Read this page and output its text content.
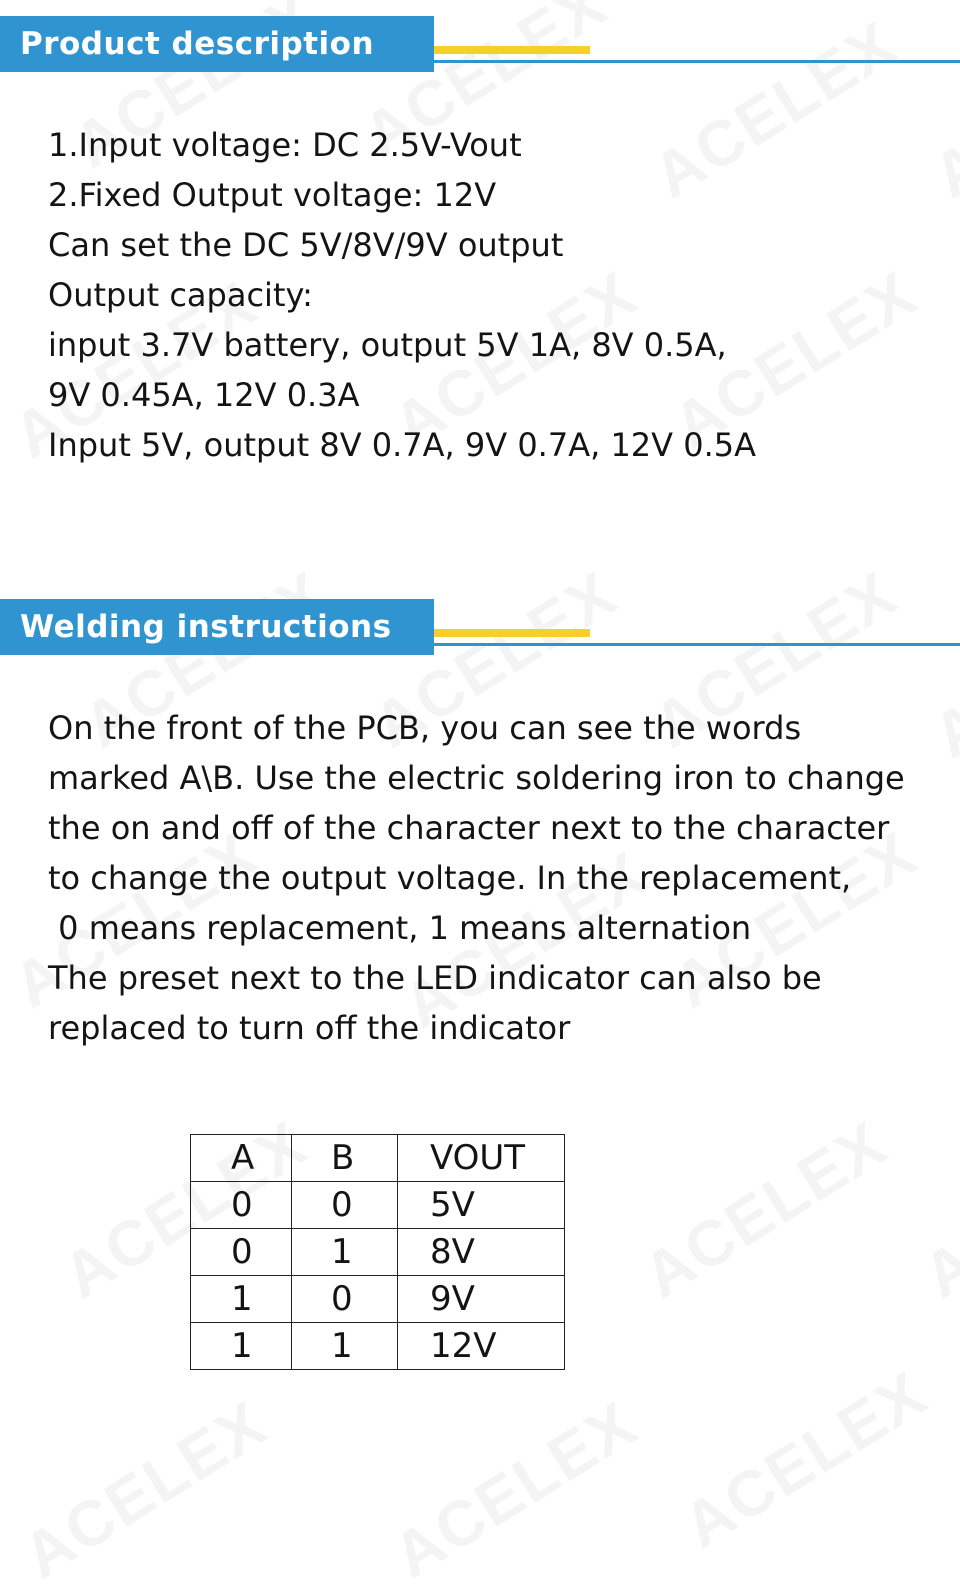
Product description
1.Input voltage: DC 2.5V-Vout
2.Fixed Output voltage: 12V
Can set the DC 5V/8V/9V output
Output capacity:
input 3.7V battery, output 5V 1A, 8V 0.5A,
9V 0.45A, 12V 0.3A
Input 5V, output 8V 0.7A, 9V 0.7A, 12V 0.5A
Welding instructions
On the front of the PCB, you can see the words
marked A\B. Use the electric soldering iron to change
the on and off of the character next to the character
to change the output voltage. In the replacement,
0 means replacement, 1 means alternation
The preset next to the LED indicator can also be
replaced to turn off the indicator
A	B	VOUT
0	0	5V
0	1	8V
1	0	9V
1	1	12V
